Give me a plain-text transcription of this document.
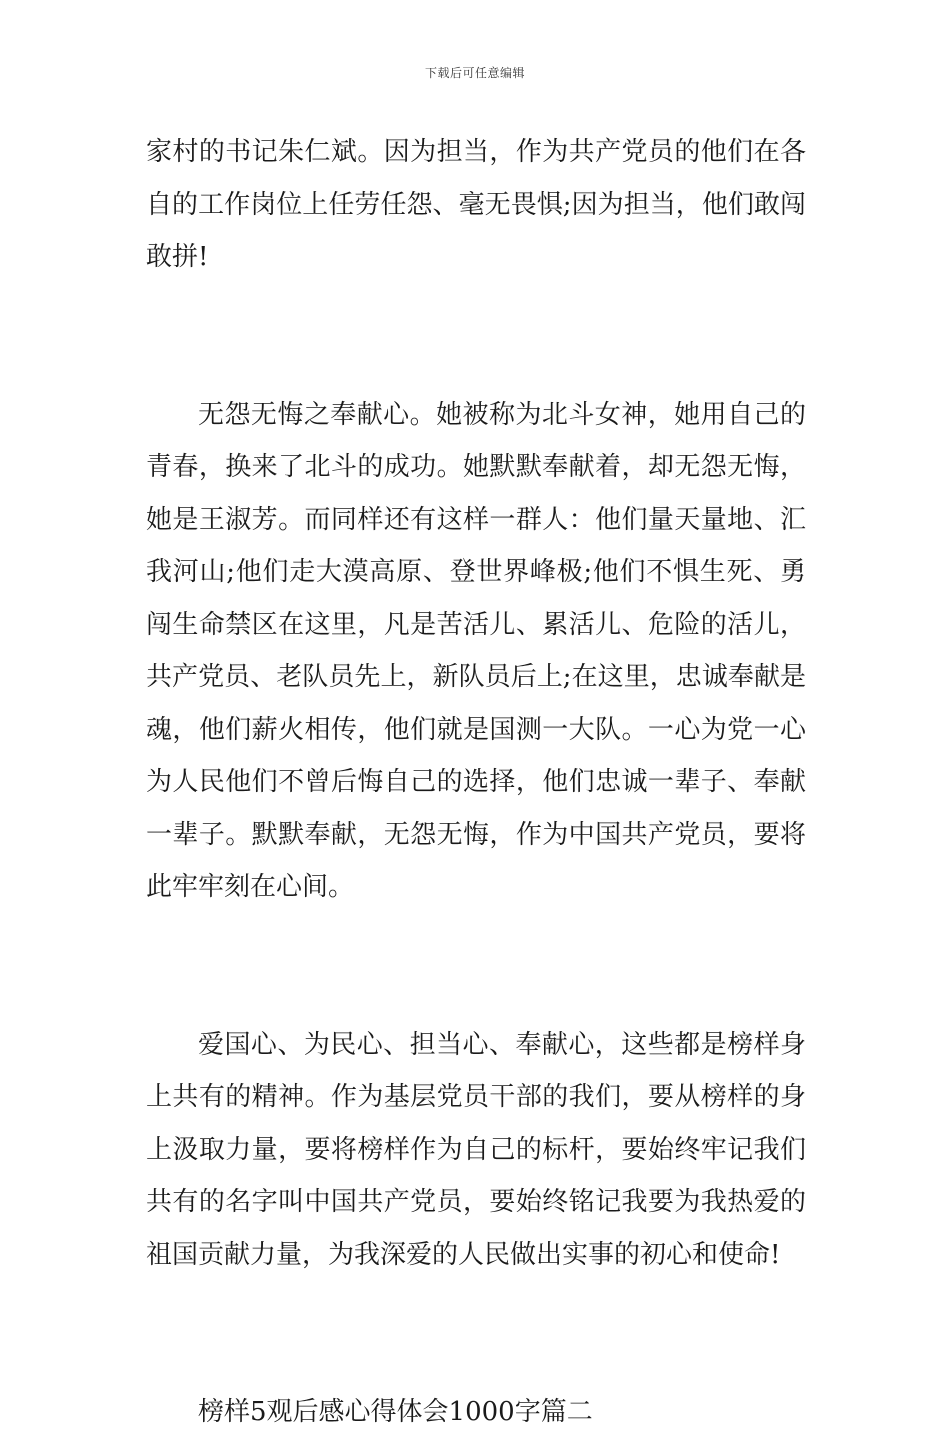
下载后可任意编辑

家村的书记朱仁斌。因为担当，作为共产党员的他们在各自的工作岗位上任劳任怨、毫无畏惧;因为担当，他们敢闯敢拼!

无怨无悔之奉献心。她被称为北斗女神，她用自己的青春，换来了北斗的成功。她默默奉献着，却无怨无悔，她是王淑芳。而同样还有这样一群人：他们量天量地、汇我河山;他们走大漠高原、登世界峰极;他们不惧生死、勇闯生命禁区在这里，凡是苦活儿、累活儿、危险的活儿，共产党员、老队员先上，新队员后上;在这里，忠诚奉献是魂，他们薪火相传，他们就是国测一大队。一心为党一心为人民他们不曾后悔自己的选择，他们忠诚一辈子、奉献一辈子。默默奉献，无怨无悔，作为中国共产党员，要将此牢牢刻在心间。

爱国心、为民心、担当心、奉献心，这些都是榜样身上共有的精神。作为基层党员干部的我们，要从榜样的身上汲取力量，要将榜样作为自己的标杆，要始终牢记我们共有的名字叫中国共产党员，要始终铭记我要为我热爱的祖国贡献力量，为我深爱的人民做出实事的初心和使命!

榜样5观后感心得体会1000字篇二
